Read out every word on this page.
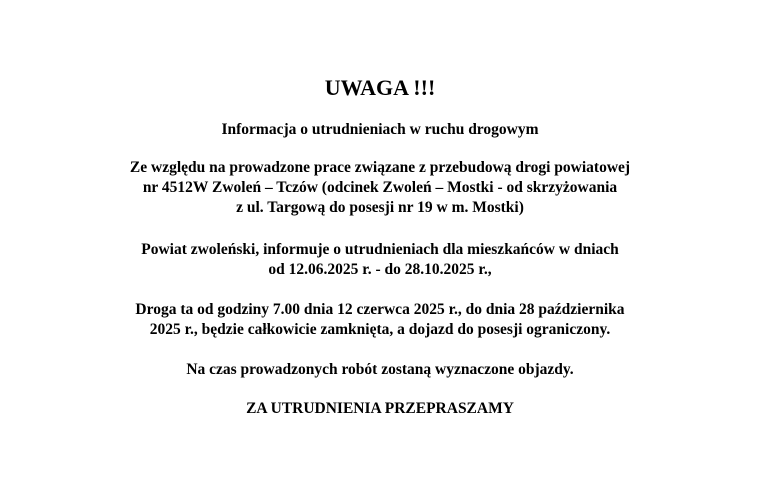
UWAGA !!!

Informacja o utrudnieniach w ruchu drogowym

Ze względu na prowadzone prace związane z przebudową drogi powiatowej
nr 4512W Zwoleń – Tczów (odcinek Zwoleń – Mostki - od skrzyżowania
z ul. Targową do posesji nr 19 w m. Mostki)

Powiat zwoleński, informuje o utrudnieniach dla mieszkańców w dniach
od 12.06.2025 r. - do 28.10.2025 r.,

Droga ta od godziny 7.00 dnia 12 czerwca 2025 r., do dnia 28 października
2025 r., będzie całkowicie zamknięta, a dojazd do posesji ograniczony.

Na czas prowadzonych robót zostaną wyznaczone objazdy.

ZA UTRUDNIENIA PRZEPRASZAMY
